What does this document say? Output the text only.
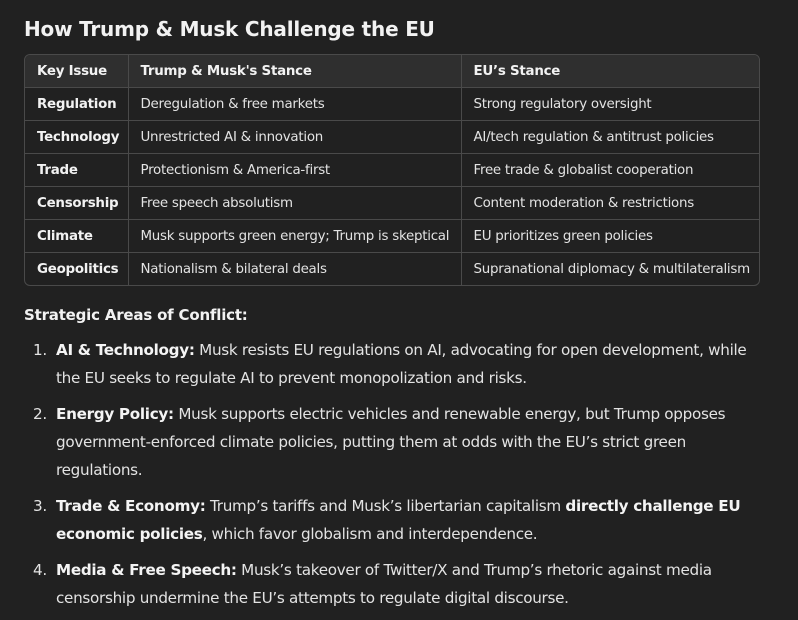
How Trump & Musk Challenge the EU
Key Issue	Trump & Musk's Stance	EU’s Stance
Regulation	Deregulation & free markets	Strong regulatory oversight
Technology	Unrestricted AI & innovation	AI/tech regulation & antitrust policies
Trade	Protectionism & America-first	Free trade & globalist cooperation
Censorship	Free speech absolutism	Content moderation & restrictions
Climate	Musk supports green energy; Trump is skeptical	EU prioritizes green policies
Geopolitics	Nationalism & bilateral deals	Supranational diplomacy & multilateralism
Strategic Areas of Conflict:
1. AI & Technology: Musk resists EU regulations on AI, advocating for open development, while the EU seeks to regulate AI to prevent monopolization and risks.
2. Energy Policy: Musk supports electric vehicles and renewable energy, but Trump opposes government-enforced climate policies, putting them at odds with the EU’s strict green regulations.
3. Trade & Economy: Trump’s tariffs and Musk’s libertarian capitalism directly challenge EU economic policies, which favor globalism and interdependence.
4. Media & Free Speech: Musk’s takeover of Twitter/X and Trump’s rhetoric against media censorship undermine the EU’s attempts to regulate digital discourse.
